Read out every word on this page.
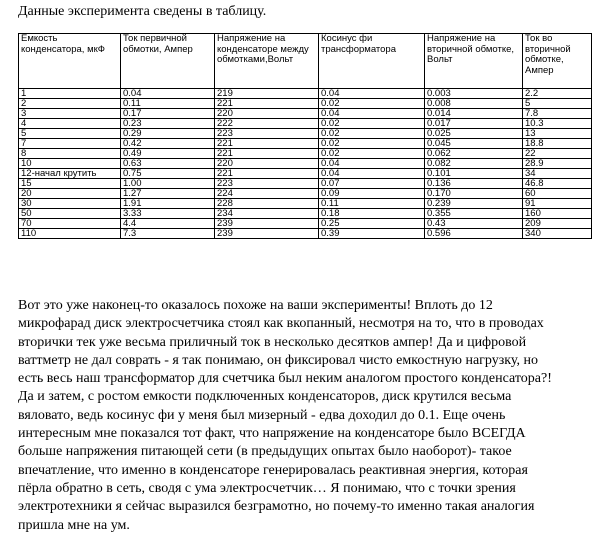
Данные эксперимента сведены в таблицу.
Емкость конденсатора, мкФ	Ток первичной обмотки, Ампер	Напряжение на конденсаторе между обмотками,Вольт	Косинус фи трансформатора	Напряжение на вторичной обмотке, Вольт	Ток во вторичной обмотке, Ампер

1	0.04	219	0.04	0.003	2.2
2	0.11	221	0.02	0.008	5
3	0.17	220	0.04	0.014	7.8
4	0.23	222	0.02	0.017	10.3
5	0.29	223	0.02	0.025	13
7	0.42	221	0.02	0.045	18.8
8	0.49	221	0.02	0.062	22
10	0.63	220	0.04	0.082	28.9
12-начал крутить	0.75	221	0.04	0.101	34
15	1.00	223	0.07	0.136	46.8
20	1.27	224	0.09	0.170	60
30	1.91	228	0.11	0.239	91
50	3.33	234	0.18	0.355	160
70	4.4	239	0.25	0.43	209
110	7.3	239	0.39	0.596	340
Вот это уже наконец-то оказалось похоже на ваши эксперименты! Вплоть до 12
микрофарад диск электросчетчика стоял как вкопанный, несмотря на то, что в проводах
вторички тек уже весьма приличный ток в несколько десятков ампер! Да и цифровой
ваттметр не дал соврать - я так понимаю, он фиксировал чисто емкостную нагрузку, но
есть весь наш трансформатор для счетчика был неким аналогом простого конденсатора?!
Да и затем, с ростом емкости подключенных конденсаторов, диск крутился весьма
вяловато, ведь косинус фи у меня был мизерный - едва доходил до 0.1. Еще очень
интересным мне показался тот факт, что напряжение на конденсаторе было ВСЕГДА
больше напряжения питающей сети (в предыдущих опытах было наоборот)- такое
впечатление, что именно в конденсаторе генерировалась реактивная энергия, которая
пёрла обратно в сеть, сводя с ума электросчетчик… Я понимаю, что с точки зрения
электротехники я сейчас выразился безграмотно, но почему-то именно такая аналогия
пришла мне на ум.
